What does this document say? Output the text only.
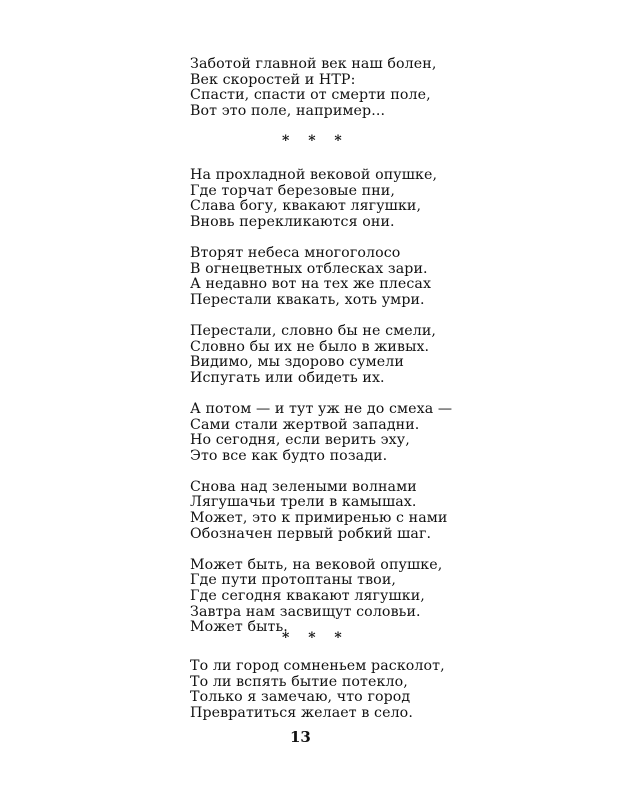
Заботой главной век наш болен,
Век скоростей и НТР:
Спасти, спасти от смерти поле,
Вот это поле, например...
* * *
На прохладной вековой опушке,
Где торчат березовые пни,
Слава богу, квакают лягушки,
Вновь перекликаются они.
Вторят небеса многоголосо
В огнецветных отблесках зари.
А недавно вот на тех же плесах
Перестали квакать, хоть умри.
Перестали, словно бы не смели,
Словно бы их не было в живых.
Видимо, мы здорово сумели
Испугать или обидеть их.
А потом — и тут уж не до смеха —
Сами стали жертвой западни.
Но сегодня, если верить эху,
Это все как будто позади.
Снова над зелеными волнами
Лягушачьи трели в камышах.
Может, это к примиренью с нами
Обозначен первый робкий шаг.
Может быть, на вековой опушке,
Где пути протоптаны твои,
Где сегодня квакают лягушки,
Завтра нам засвищут соловьи.
Может быть.
* * *
То ли город сомненьем расколот,
То ли вспять бытие потекло,
Только я замечаю, что город
Превратиться желает в село.
13
